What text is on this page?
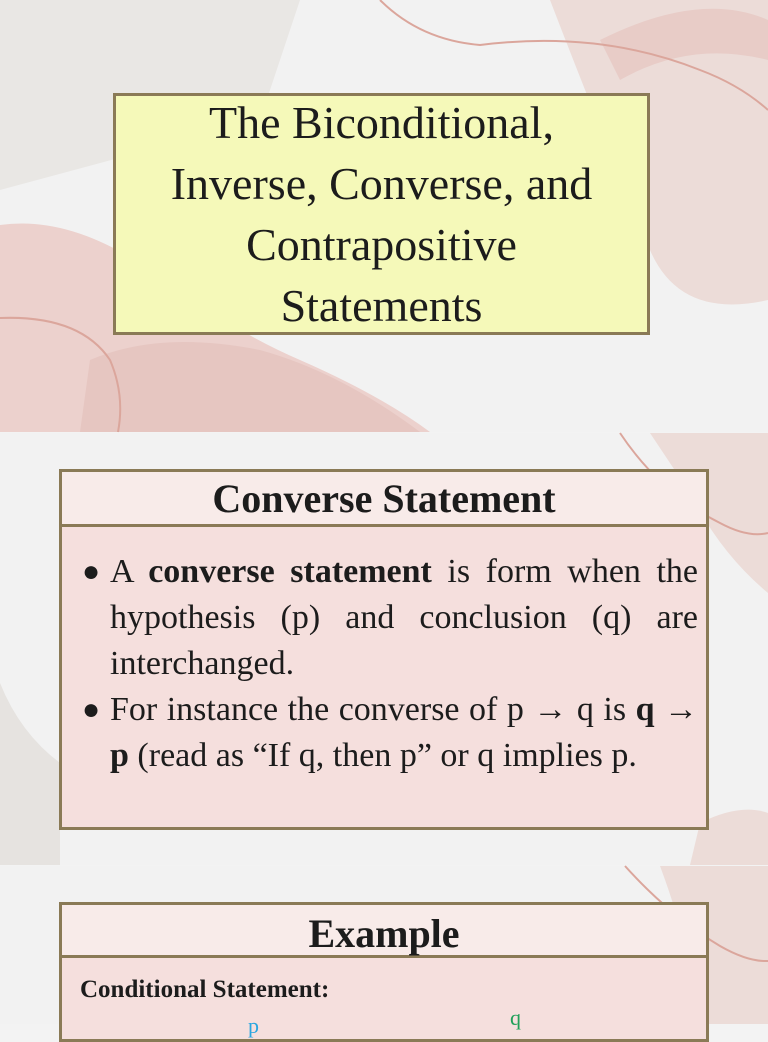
The Biconditional, Inverse, Converse, and Contrapositive Statements
Converse Statement
● A converse statement is form when the hypothesis (p) and conclusion (q) are interchanged.
● For instance the converse of p → q is q → p (read as “If q, then p” or q implies p.
Example
Conditional Statement:
p	q
